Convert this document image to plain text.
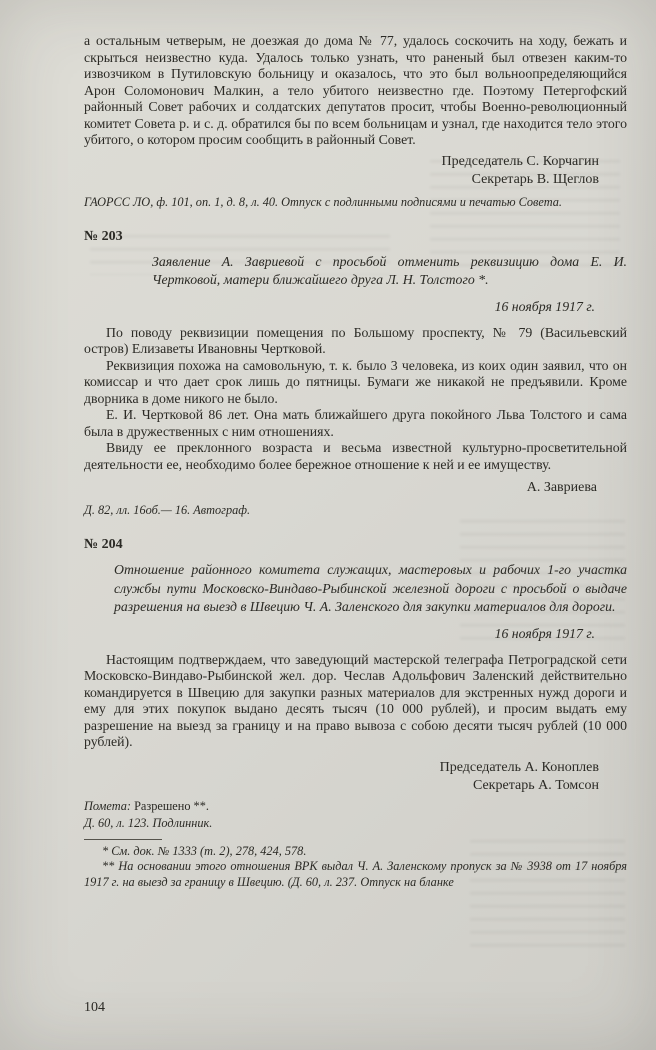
а остальным четверым, не доезжая до дома № 77, удалось соскочить на ходу, бежать и скрыться неизвестно куда. Удалось только узнать, что раненый был отвезен каким-то извозчиком в Путиловскую больницу и оказалось, что это был вольноопределяющийся Арон Соломонович Малкин, а тело убитого неизвестно где. Поэтому Петергофский районный Совет рабочих и солдатских депутатов просит, чтобы Военно-революционный комитет Совета р. и с. д. обратился бы по всем больницам и узнал, где находится тело этого убитого, о котором просим сообщить в районный Совет.

Председатель С. Корчагин
Секретарь В. Щеглов

ГАОРСС ЛО, ф. 101, оп. 1, д. 8, л. 40. Отпуск с подлинными подписями и печатью Совета.

№ 203
Заявление А. Завриевой с просьбой отменить реквизицию дома Е. И. Чертковой, матери ближайшего друга Л. Н. Толстого *.
16 ноября 1917 г.

По поводу реквизиции помещения по Большому проспекту, № 79 (Васильевский остров) Елизаветы Ивановны Чертковой.

Реквизиция похожа на самовольную, т. к. было 3 человека, из коих один заявил, что он комиссар и что дает срок лишь до пятницы. Бумаги же никакой не предъявили. Кроме дворника в доме никого не было.

Е. И. Чертковой 86 лет. Она мать ближайшего друга покойного Льва Толстого и сама была в дружественных с ним отношениях.

Ввиду ее преклонного возраста и весьма известной культурно-просветительной деятельности ее, необходимо более бережное отношение к ней и ее имуществу.

А. Завриева

Д. 82, лл. 16об.— 16. Автограф.

№ 204
Отношение районного комитета служащих, мастеровых и рабочих 1-го участка службы пути Московско-Виндаво-Рыбинской железной дороги с просьбой о выдаче разрешения на выезд в Швецию Ч. А. Заленского для закупки материалов для дороги.
16 ноября 1917 г.

Настоящим подтверждаем, что заведующий мастерской телеграфа Петроградской сети Московско-Виндаво-Рыбинской жел. дор. Чеслав Адольфович Заленский действительно командируется в Швецию для закупки разных материалов для экстренных нужд дороги и ему для этих покупок выдано десять тысяч (10 000 рублей), и просим выдать ему разрешение на выезд за границу и на право вывоза с собою десяти тысяч рублей (10 000 рублей).

Председатель А. Коноплев
Секретарь А. Томсон
Помета: Разрешено **.
Д. 60, л. 123. Подлинник.

* См. док. № 1333 (т. 2), 278, 424, 578.

** На основании этого отношения ВРК выдал Ч. А. Заленскому пропуск за № 3938 от 17 ноября 1917 г. на выезд за границу в Швецию. (Д. 60, л. 237. Отпуск на бланке

104
